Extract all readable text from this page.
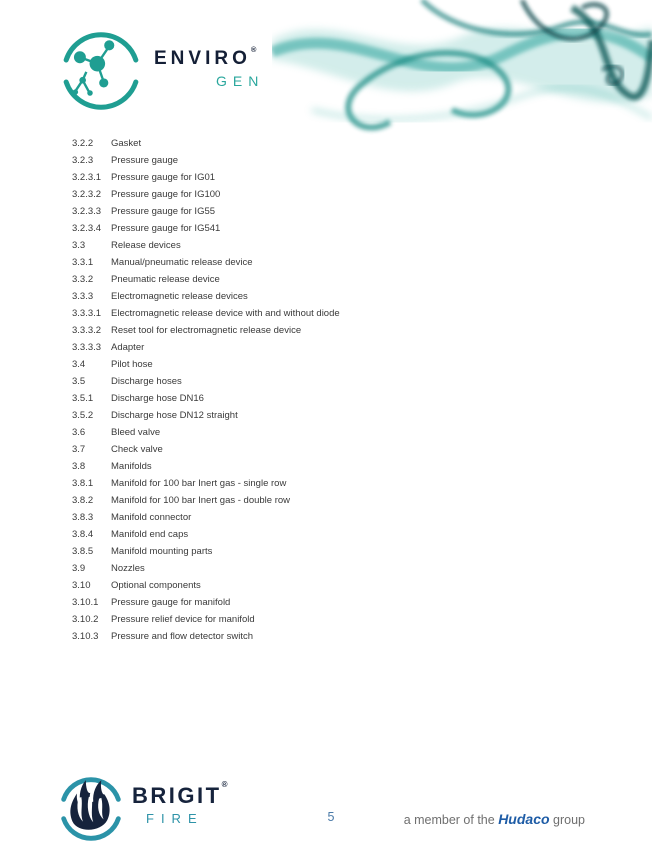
ENVIRO®
GEN
3.2.2	Gasket
3.2.3	Pressure gauge
3.2.3.1	Pressure gauge for IG01
3.2.3.2	Pressure gauge for IG100
3.2.3.3	Pressure gauge for IG55
3.2.3.4	Pressure gauge for IG541
3.3	Release devices
3.3.1	Manual/pneumatic release device
3.3.2	Pneumatic release device
3.3.3	Electromagnetic release devices
3.3.3.1	Electromagnetic release device with and without diode
3.3.3.2	Reset tool for electromagnetic release device
3.3.3.3	Adapter
3.4	Pilot hose
3.5	Discharge hoses
3.5.1	Discharge hose DN16
3.5.2	Discharge hose DN12 straight
3.6	Bleed valve
3.7	Check valve
3.8	Manifolds
3.8.1	Manifold for 100 bar Inert gas - single row
3.8.2	Manifold for 100 bar Inert gas - double row
3.8.3	Manifold connector
3.8.4	Manifold end caps
3.8.5	Manifold mounting parts
3.9	Nozzles
3.10	Optional components
3.10.1	Pressure gauge for manifold
3.10.2	Pressure relief device for manifold
3.10.3	Pressure and flow detector switch
BRIGIT®
FIRE	5	a member of the Hudaco group
